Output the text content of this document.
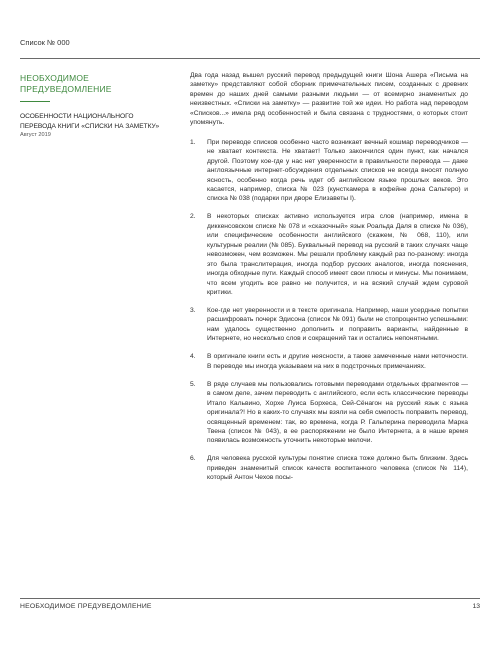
Список № 000
НЕОБХОДИМОЕ ПРЕДУВЕДОМЛЕНИЕ
ОСОБЕННОСТИ НАЦИОНАЛЬНОГО ПЕРЕВОДА КНИГИ «СПИСКИ НА ЗАМЕТКУ»
Август 2019

Два года назад вышел русский перевод предыдущей книги Шона Ашера «Письма на заметку» представляют собой сборник примечательных писем, созданных с древних времен до наших дней самыми разными людьми — от всемирно знаменитых до неизвестных. «Списки на заметку» — развитие той же идеи. Но работа над переводом «Списков...» имела ряд особенностей и была связана с трудностями, о которых стоит упомянуть.

1.	При переводе списков особенно часто возникает вечный кошмар переводчиков — не хватает контекста. Не хватает! Только закончился один пункт, как начался другой. Поэтому кое-где у нас нет уверенности в правильности перевода — даже англоязычные интернет-обсуждения отдельных списков не всегда вносят полную ясность, особенно когда речь идет об английском языке прошлых веков. Это касается, например, списка № 023 (кунсткамера в кофейне дона Сальтеро) и списка № 038 (подарки при дворе Елизаветы I).
2.	В некоторых списках активно используется игра слов (например, имена в диккенсовском списке № 078 и «сказочный» язык Роальда Даля в списке № 036), или специфические особенности английского (скажем, № 068, 110), или культурные реалии (№ 085). Буквальный перевод на русский в таких случаях чаще невозможен, чем возможен. Мы решали проблему каждый раз по-разному: иногда это была транслитерация, иногда подбор русских аналогов, иногда пояснения, иногда обходные пути. Каждый способ имеет свои плюсы и минусы. Мы понимаем, что всем угодить все равно не получится, и на всякий случай ждем суровой критики.
3.	Кое-где нет уверенности и в тексте оригинала. Например, наши усердные попытки расшифровать почерк Эдисона (список № 091) были не стопроцентно успешными: нам удалось существенно дополнить и поправить варианты, найденные в Интернете, но несколько слов и сокращений так и остались непонятными.
4.	В оригинале книги есть и другие неясности, а также замеченные нами неточности. В переводе мы иногда указываем на них в подстрочных примечаниях.
5.	В ряде случаев мы пользовались готовыми переводами отдельных фрагментов — в самом деле, зачем переводить с английского, если есть классические переводы Итало Кальвино, Хорхе Луиса Борхеса, Сей-Сёнагон на русский язык с языка оригинала?! Но в каких-то случаях мы взяли на себя смелость поправить перевод, освященный временем: так, во времена, когда Р. Гальперина переводила Марка Твена (список № 043), в ее распоряжении не было Интернета, а в наше время появилась возможность уточнить некоторые мелочи.
6.	Для человека русской культуры понятие списка тоже должно быть близким. Здесь приведен знаменитый список качеств воспитанного человека (список № 114), который Антон Чехов посы-
НЕОБХОДИМОЕ ПРЕДУВЕДОМЛЕНИЕ	13
